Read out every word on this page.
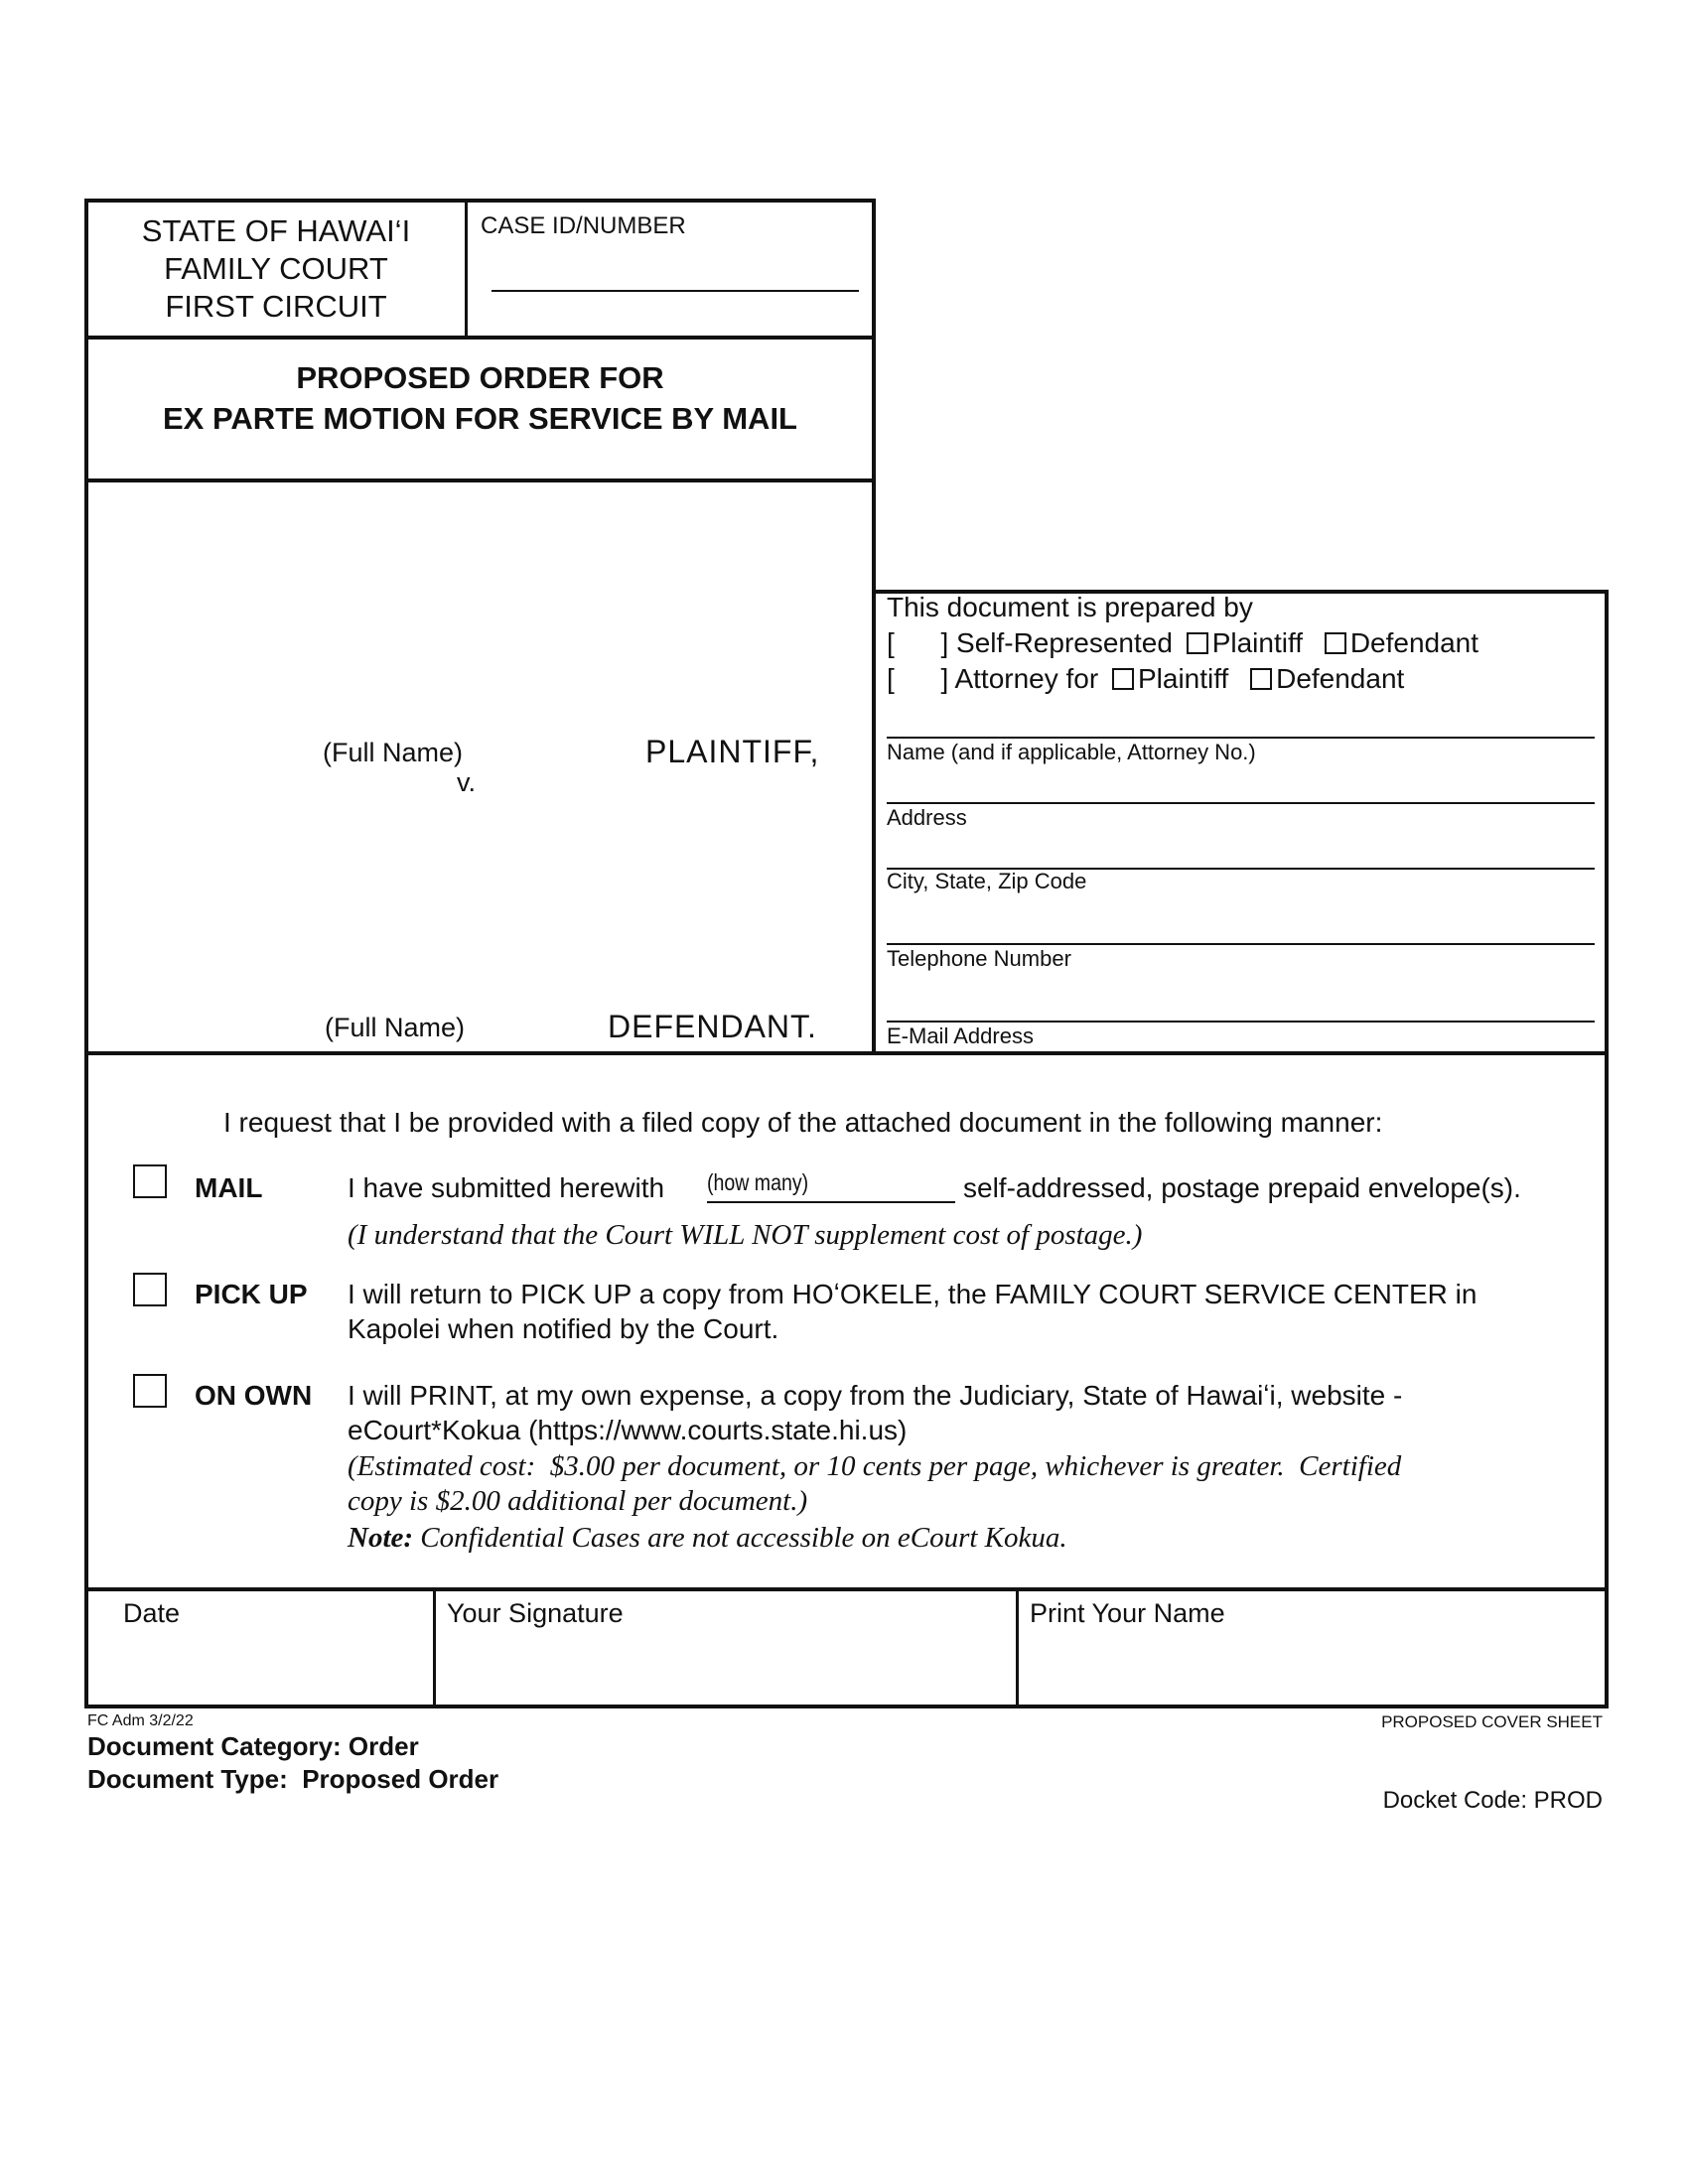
STATE OF HAWAI‘I
FAMILY COURT
FIRST CIRCUIT
CASE ID/NUMBER
PROPOSED ORDER FOR
EX PARTE MOTION FOR SERVICE BY MAIL
(Full Name)	PLAINTIFF,
v.
(Full Name)	DEFENDANT.
This document is prepared by
[      ] Self-Represented Plaintiff Defendant
[      ] Attorney for Plaintiff Defendant
Name (and if applicable, Attorney No.)
Address
City, State, Zip Code
Telephone Number
E-Mail Address
I request that I be provided with a filed copy of the attached document in the following manner:
MAIL	I have submitted herewith (how many)	self-addressed, postage prepaid envelope(s).
(I understand that the Court WILL NOT supplement cost of postage.)
PICK UP I will return to PICK UP a copy from HOʻOKELE, the FAMILY COURT SERVICE CENTER in
Kapolei when notified by the Court.
ON OWN I will PRINT, at my own expense, a copy from the Judiciary, State of Hawaiʻi, website -
eCourt*Kokua (https://www.courts.state.hi.us)
(Estimated cost:  $3.00 per document, or 10 cents per page, whichever is greater.  Certified
copy is $2.00 additional per document.)
Note: Confidential Cases are not accessible on eCourt Kokua.
Date	Your Signature	Print Your Name
FC Adm 3/2/22	PROPOSED COVER SHEET
Document Category: Order
Document Type:  Proposed Order
Docket Code: PROD
